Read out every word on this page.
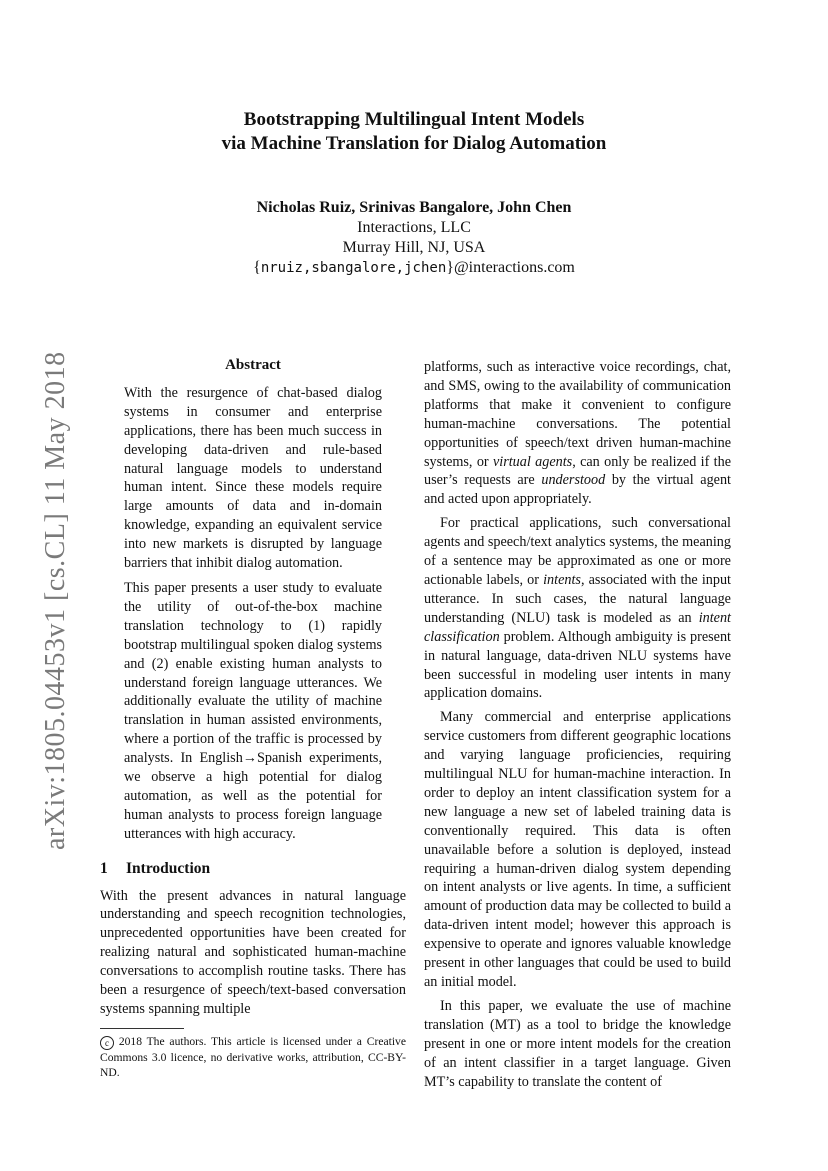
arXiv:1805.04453v1 [cs.CL] 11 May 2018
Bootstrapping Multilingual Intent Models
via Machine Translation for Dialog Automation
Nicholas Ruiz, Srinivas Bangalore, John Chen
Interactions, LLC
Murray Hill, NJ, USA
{nruiz,sbangalore,jchen}@interactions.com
Abstract

With the resurgence of chat-based dialog systems in consumer and enterprise applications, there has been much success in developing data-driven and rule-based natural language models to understand human intent. Since these models require large amounts of data and in-domain knowledge, expanding an equivalent service into new markets is disrupted by language barriers that inhibit dialog automation.

This paper presents a user study to evaluate the utility of out-of-the-box machine translation technology to (1) rapidly bootstrap multilingual spoken dialog systems and (2) enable existing human analysts to understand foreign language utterances. We additionally evaluate the utility of machine translation in human assisted environments, where a portion of the traffic is processed by analysts. In English→Spanish experiments, we observe a high potential for dialog automation, as well as the potential for human analysts to process foreign language utterances with high accuracy.

1 Introduction

With the present advances in natural language understanding and speech recognition technologies, unprecedented opportunities have been created for realizing natural and sophisticated human-machine conversations to accomplish routine tasks. There has been a resurgence of speech/text-based conversation systems spanning multiple

c 2018 The authors. This article is licensed under a Creative Commons 3.0 licence, no derivative works, attribution, CC-BY-ND.

platforms, such as interactive voice recordings, chat, and SMS, owing to the availability of communication platforms that make it convenient to configure human-machine conversations. The potential opportunities of speech/text driven human-machine systems, or virtual agents, can only be realized if the user’s requests are understood by the virtual agent and acted upon appropriately.

For practical applications, such conversational agents and speech/text analytics systems, the meaning of a sentence may be approximated as one or more actionable labels, or intents, associated with the input utterance. In such cases, the natural language understanding (NLU) task is modeled as an intent classification problem. Although ambiguity is present in natural language, data-driven NLU systems have been successful in modeling user intents in many application domains.

Many commercial and enterprise applications service customers from different geographic locations and varying language proficiencies, requiring multilingual NLU for human-machine interaction. In order to deploy an intent classification system for a new language a new set of labeled training data is conventionally required. This data is often unavailable before a solution is deployed, instead requiring a human-driven dialog system depending on intent analysts or live agents. In time, a sufficient amount of production data may be collected to build a data-driven intent model; however this approach is expensive to operate and ignores valuable knowledge present in other languages that could be used to build an initial model.

In this paper, we evaluate the use of machine translation (MT) as a tool to bridge the knowledge present in one or more intent models for the creation of an intent classifier in a target language. Given MT’s capability to translate the content of
